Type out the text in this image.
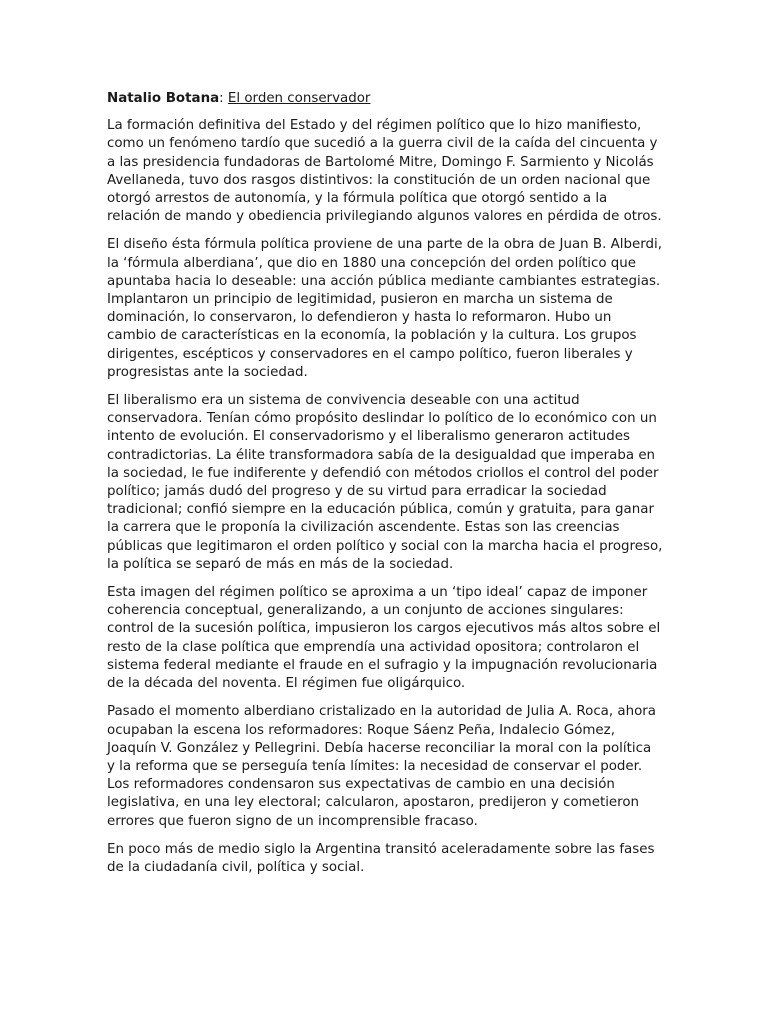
Natalio Botana: El orden conservador

La formación definitiva del Estado y del régimen político que lo hizo manifiesto, como un fenómeno tardío que sucedió a la guerra civil de la caída del cincuenta y a las presidencia fundadoras de Bartolomé Mitre, Domingo F. Sarmiento y Nicolás Avellaneda, tuvo dos rasgos distintivos: la constitución de un orden nacional que otorgó arrestos de autonomía, y la fórmula política que otorgó sentido a la relación de mando y obediencia privilegiando algunos valores en pérdida de otros.

El diseño ésta fórmula política proviene de una parte de la obra de Juan B. Alberdi, la ‘fórmula alberdiana’, que dio en 1880 una concepción del orden político que apuntaba hacia lo deseable: una acción pública mediante cambiantes estrategias. Implantaron un principio de legitimidad, pusieron en marcha un sistema de dominación, lo conservaron, lo defendieron y hasta lo reformaron. Hubo un cambio de características en la economía, la población y la cultura. Los grupos dirigentes, escépticos y conservadores en el campo político, fueron liberales y progresistas ante la sociedad.

El liberalismo era un sistema de convivencia deseable con una actitud conservadora. Tenían cómo propósito deslindar lo político de lo económico con un intento de evolución. El conservadorismo y el liberalismo generaron actitudes contradictorias. La élite transformadora sabía de la desigualdad que imperaba en la sociedad, le fue indiferente y defendió con métodos criollos el control del poder político; jamás dudó del progreso y de su virtud para erradicar la sociedad tradicional; confió siempre en la educación pública, común y gratuita, para ganar la carrera que le proponía la civilización ascendente. Estas son las creencias públicas que legitimaron el orden político y social con la marcha hacia el progreso, la política se separó de más en más de la sociedad.

Esta imagen del régimen político se aproxima a un ‘tipo ideal’ capaz de imponer coherencia conceptual, generalizando, a un conjunto de acciones singulares: control de la sucesión política, impusieron los cargos ejecutivos más altos sobre el resto de la clase política que emprendía una actividad opositora; controlaron el sistema federal mediante el fraude en el sufragio y la impugnación revolucionaria de la década del noventa. El régimen fue oligárquico.

Pasado el momento alberdiano cristalizado en la autoridad de Julia A. Roca, ahora ocupaban la escena los reformadores: Roque Sáenz Peña, Indalecio Gómez, Joaquín V. González y Pellegrini. Debía hacerse reconciliar la moral con la política y la reforma que se perseguía tenía límites: la necesidad de conservar el poder. Los reformadores condensaron sus expectativas de cambio en una decisión legislativa, en una ley electoral; calcularon, apostaron, predijeron y cometieron errores que fueron signo de un incomprensible fracaso.

En poco más de medio siglo la Argentina transitó aceleradamente sobre las fases de la ciudadanía civil, política y social.
